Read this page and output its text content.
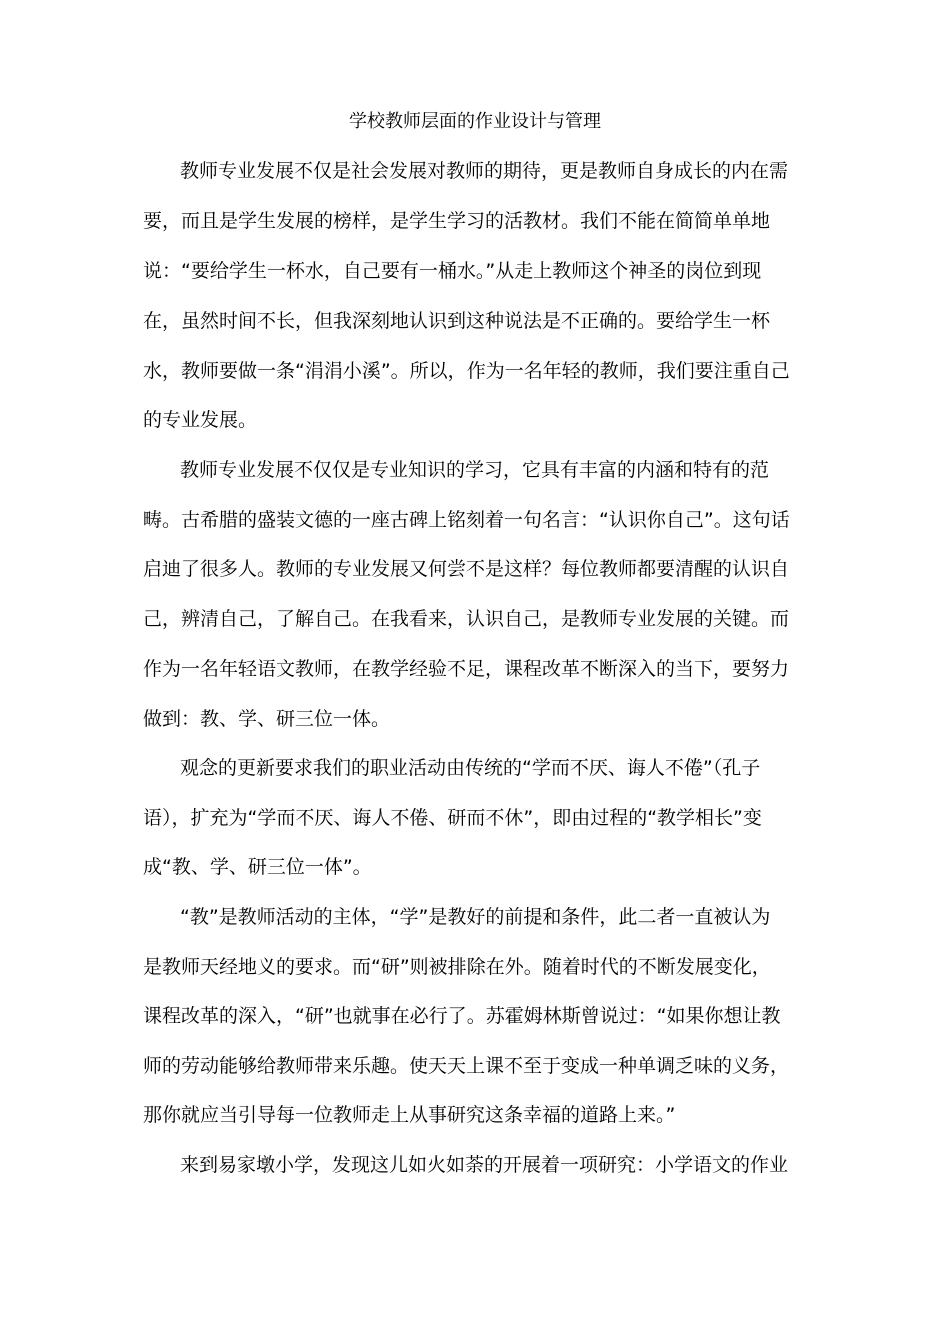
学校教师层面的作业设计与管理
教师专业发展不仅是社会发展对教师的期待，更是教师自身成长的内在需
要，而且是学生发展的榜样，是学生学习的活教材。我们不能在简简单单地
说：“要给学生一杯水，自己要有一桶水。”从走上教师这个神圣的岗位到现
在，虽然时间不长，但我深刻地认识到这种说法是不正确的。要给学生一杯
水，教师要做一条“涓涓小溪”。所以，作为一名年轻的教师，我们要注重自己
的专业发展。
教师专业发展不仅仅是专业知识的学习，它具有丰富的内涵和特有的范
畴。古希腊的盛装文德的一座古碑上铭刻着一句名言：“认识你自己”。这句话
启迪了很多人。教师的专业发展又何尝不是这样？每位教师都要清醒的认识自
己，辨清自己，了解自己。在我看来，认识自己，是教师专业发展的关键。而
作为一名年轻语文教师，在教学经验不足，课程改革不断深入的当下，要努力
做到：教、学、研三位一体。
观念的更新要求我们的职业活动由传统的“学而不厌、诲人不倦”（孔子
语），扩充为“学而不厌、诲人不倦、研而不休”，即由过程的“教学相长”变
成“教、学、研三位一体”。
“教”是教师活动的主体，“学”是教好的前提和条件，此二者一直被认为
是教师天经地义的要求。而“研”则被排除在外。随着时代的不断发展变化，
课程改革的深入，“研”也就事在必行了。苏霍姆林斯曾说过：“如果你想让教
师的劳动能够给教师带来乐趣。使天天上课不至于变成一种单调乏味的义务，
那你就应当引导每一位教师走上从事研究这条幸福的道路上来。”
来到易家墩小学，发现这儿如火如荼的开展着一项研究：小学语文的作业
